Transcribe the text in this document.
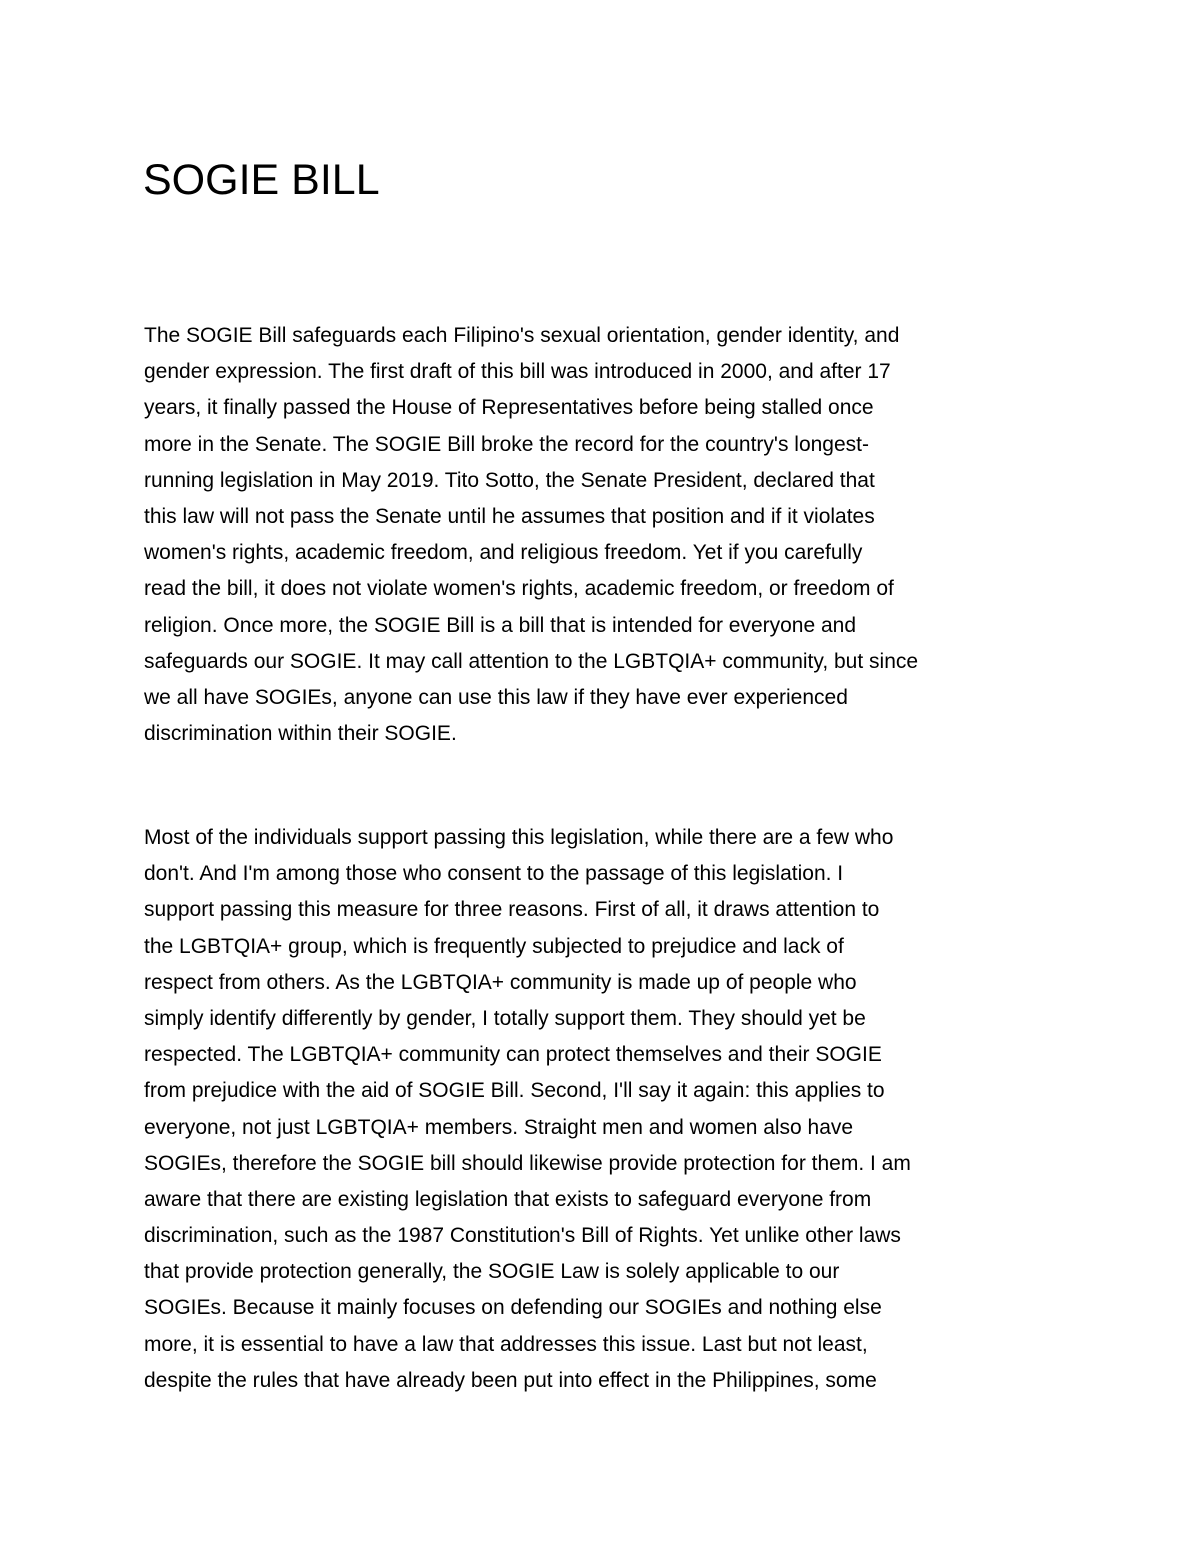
SOGIE BILL
The SOGIE Bill safeguards each Filipino's sexual orientation, gender identity, and
gender expression. The first draft of this bill was introduced in 2000, and after 17
years, it finally passed the House of Representatives before being stalled once
more in the Senate. The SOGIE Bill broke the record for the country's longest-
running legislation in May 2019. Tito Sotto, the Senate President, declared that
this law will not pass the Senate until he assumes that position and if it violates
women's rights, academic freedom, and religious freedom. Yet if you carefully
read the bill, it does not violate women's rights, academic freedom, or freedom of
religion. Once more, the SOGIE Bill is a bill that is intended for everyone and
safeguards our SOGIE. It may call attention to the LGBTQIA+ community, but since
we all have SOGIEs, anyone can use this law if they have ever experienced
discrimination within their SOGIE.
Most of the individuals support passing this legislation, while there are a few who
don't. And I'm among those who consent to the passage of this legislation. I
support passing this measure for three reasons. First of all, it draws attention to
the LGBTQIA+ group, which is frequently subjected to prejudice and lack of
respect from others. As the LGBTQIA+ community is made up of people who
simply identify differently by gender, I totally support them. They should yet be
respected. The LGBTQIA+ community can protect themselves and their SOGIE
from prejudice with the aid of SOGIE Bill. Second, I'll say it again: this applies to
everyone, not just LGBTQIA+ members. Straight men and women also have
SOGIEs, therefore the SOGIE bill should likewise provide protection for them. I am
aware that there are existing legislation that exists to safeguard everyone from
discrimination, such as the 1987 Constitution's Bill of Rights. Yet unlike other laws
that provide protection generally, the SOGIE Law is solely applicable to our
SOGIEs. Because it mainly focuses on defending our SOGIEs and nothing else
more, it is essential to have a law that addresses this issue. Last but not least,
despite the rules that have already been put into effect in the Philippines, some
